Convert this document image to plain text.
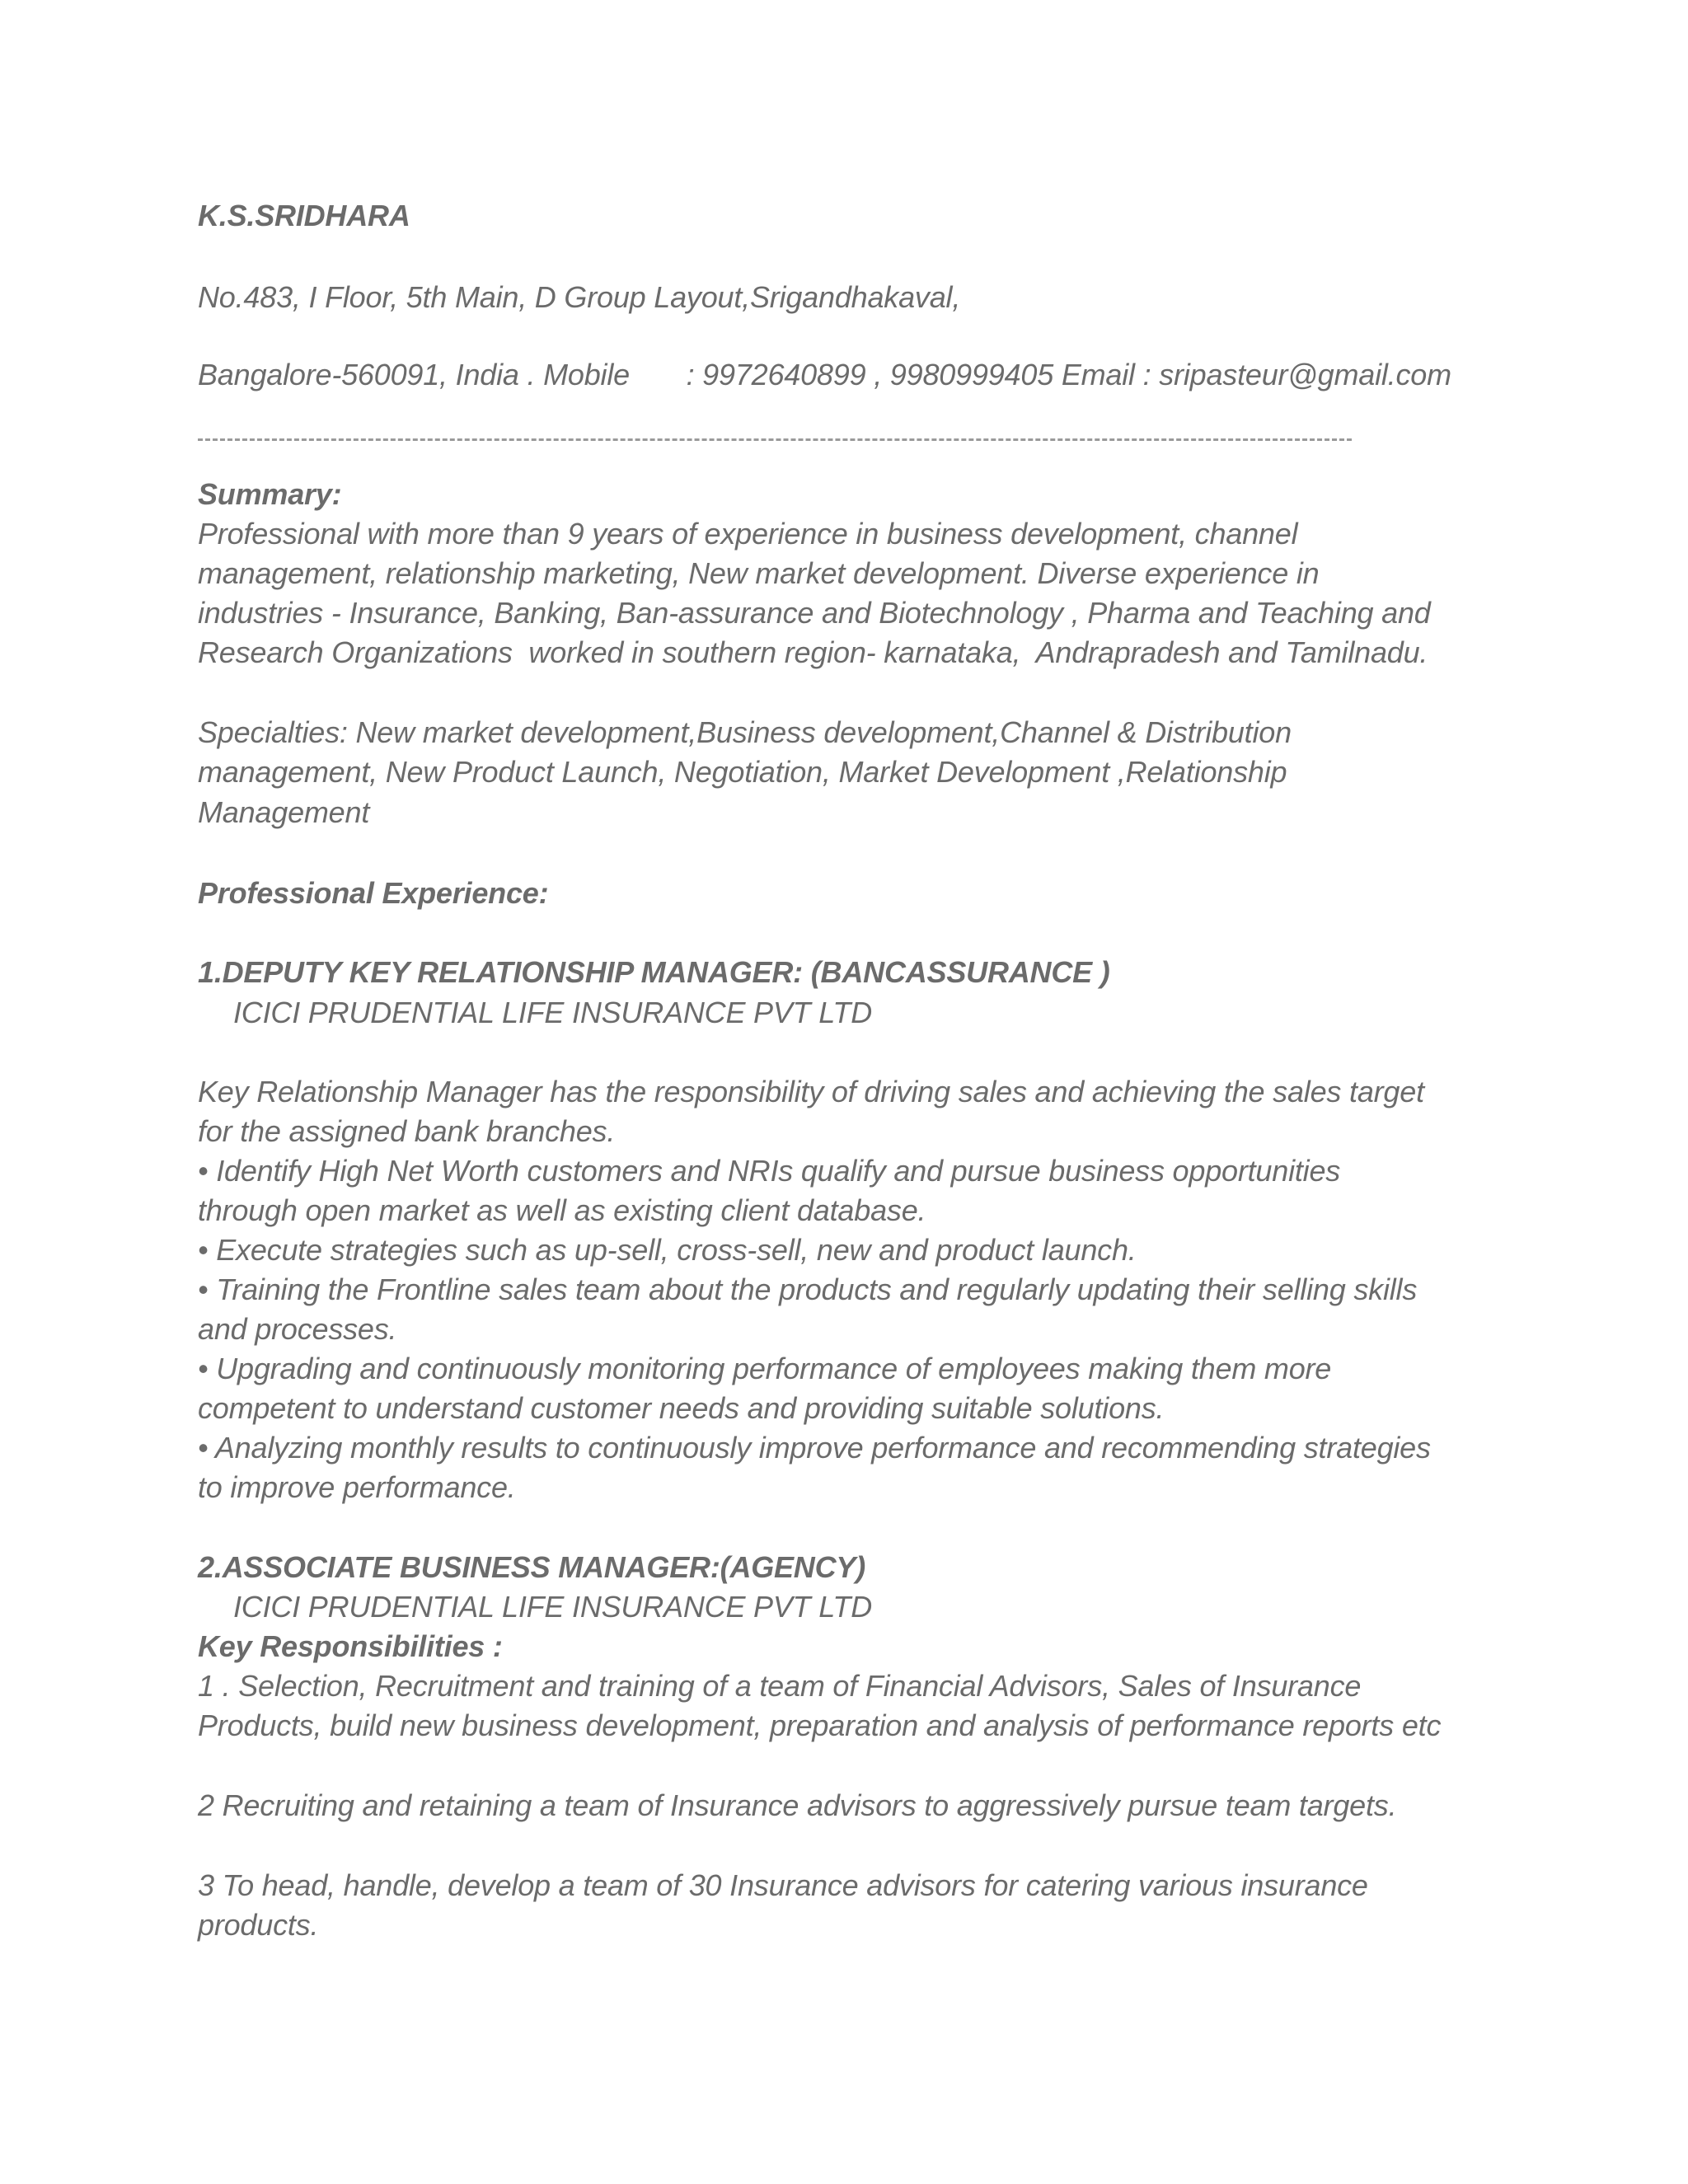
K.S.SRIDHARA
No.483, I Floor, 5th Main, D Group Layout,Srigandhakaval,
Bangalore-560091, India . Mobile       : 9972640899 , 9980999405 Email : sripasteur@gmail.com
Summary:
Professional with more than 9 years of experience in business development, channel
management, relationship marketing, New market development. Diverse experience in
industries - Insurance, Banking, Ban-assurance and Biotechnology , Pharma and Teaching and
Research Organizations  worked in southern region- karnataka,  Andrapradesh and Tamilnadu.
Specialties: New market development,Business development,Channel & Distribution
management, New Product Launch, Negotiation, Market Development ,Relationship
Management
Professional Experience:
1.DEPUTY KEY RELATIONSHIP MANAGER: (BANCASSURANCE )
ICICI PRUDENTIAL LIFE INSURANCE PVT LTD
Key Relationship Manager has the responsibility of driving sales and achieving the sales target
for the assigned bank branches.
• Identify High Net Worth customers and NRIs qualify and pursue business opportunities
through open market as well as existing client database.
• Execute strategies such as up-sell, cross-sell, new and product launch.
• Training the Frontline sales team about the products and regularly updating their selling skills
and processes.
• Upgrading and continuously monitoring performance of employees making them more
competent to understand customer needs and providing suitable solutions.
• Analyzing monthly results to continuously improve performance and recommending strategies
to improve performance.
2.ASSOCIATE BUSINESS MANAGER:(AGENCY)
ICICI PRUDENTIAL LIFE INSURANCE PVT LTD
Key Responsibilities :
1 . Selection, Recruitment and training of a team of Financial Advisors, Sales of Insurance
Products, build new business development, preparation and analysis of performance reports etc
2 Recruiting and retaining a team of Insurance advisors to aggressively pursue team targets.
3 To head, handle, develop a team of 30 Insurance advisors for catering various insurance
products.
